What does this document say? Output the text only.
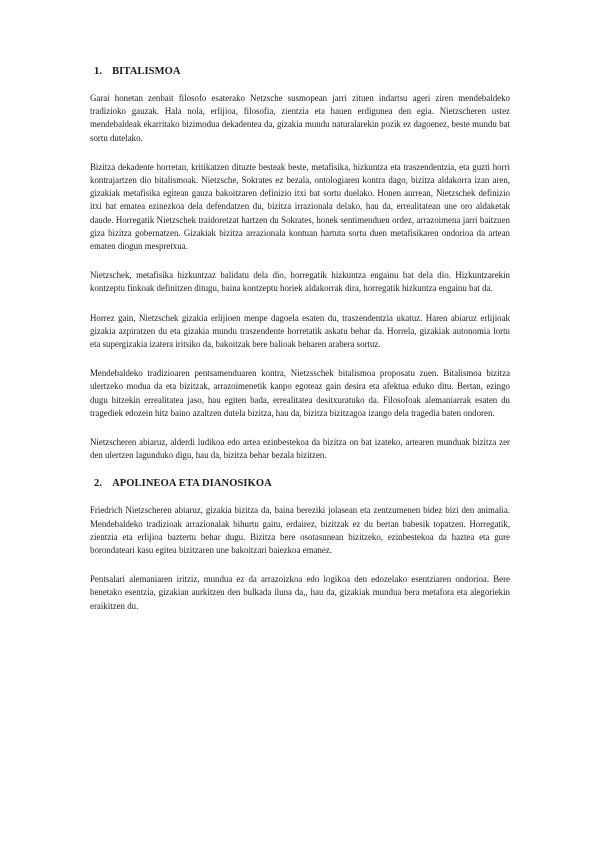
1. BITALISMOA

Garai honetan zenbait filosofo esaterako Netzsche susmopean jarri zituen indartsu ageri ziren mendebaldeko tradizioko gauzak. Hala nola, erlijioa, filosofia, zientzia eta hauen erdigunea den egia. Nietzscheren ustez mendebaldeak ekarritako bizimodua dekadentea da, gizakia mundu naturalarekin pozik ez dagoenez, beste mundu bat sortu dutelako.

Bizitza dekadente horretan, kritikatzen dituzte besteak beste, metafisika, hizkuntza eta traszendentzia, eta guzti horri kontrajartzen dio bitalismoak. Nietzsche, Sokrates ez bezala, ontologiaren kontra dago, bizitza aldakorra izan aren, gizakiak metafisika egitean gauza bakoitzaren definizio itxi bat sortu duelako. Honen aurrean, Nietzschek definizio itxi bat ematea ezinezkoa dela defendatzen du, bizitza irrazionala delako, hau da, errealitatean une oro aldaketak daude. Horregatik Nietzschek traidoretzat hartzen du Sokrates, honek sentimenduen ordez, arrazoimena jarri baitzuen giza bizitza gobernatzen. Gizakiak bizitza arrazionala kontuan hartuta sortu duen metafisikaren ondorioa da artean ematen diogun mespretxua.

Nietzschek, metafisika hizkuntzaz balidatu dela dio, horregatik hizkuntza engainu bat dela dio. Hizkuntzarekin kontzeptu finkoak definitzen ditugu, baina kontzeptu horiek aldakorrak dira, horregatik hizkuntza engainu bat da.

Horrez gain, Nietzschek gizakia erlijioen menpe dagoela esaten du, traszendentzia ukatuz. Haren abiaruz erlijioak gizakia azpiratzen du eta gizakia mundu traszendente horretatik askatu behar da. Horrela, gizakiak autonomia lortu eta supergizakia izatera iritsiko da, bakoitzak bere balioak beharen arabera sortuz.

Mendebaldeko tradizioaren pentsamenduaren kontra, Nietzsschek bitalismoa proposatu zuen. Bitalismoa bizitza ulertzeko modua da eta bizitzak, arrazoimenetik kanpo egoteaz gain desira eta afektua eduko ditu. Bertan, ezingo dugu hitzekin errealitatea jaso, hau egiten bada, errealitatea desitxuratuko da. Filosofoak alemaniarrak esaten du tragediek edozein hitz baino azaltzen dutela bizitza, hau da, bizitza bizitzagoa izango dela tragedia baten ondoren.

Nietzscheren abiaruz, alderdi ludikoa edo artea ezinbestekoa da bizitza on bat izateko, artearen munduak bizitza zer den ulertzen lagunduko digu, hau da, bizitza behar bezala bizitzen.

2. APOLINEOA ETA DIANOSIKOA

Friedrich Nietzscheren abiaruz, gizakia bizitza da, baina bereziki jolasean eta zentzumenen bidez bizi den animalia. Mendebaldeko tradizioak arrazionalak bihurtu gaitu, erdairez, bizitzak ez du bertan babesik topatzen. Horregatik, zientzia eta erlijioa baztertu behar dugu. Bizitza bere osotasunean bizitzeko, ezinbestekoa da haztea eta gure borondateari kasu egitea bizitzaren une bakoitzari baiezkoa emanez.

Pentsalari alemaniaren iritziz, mundua ez da arrazoizkoa edo logikoa den edozelako esentziaren ondorioa. Bere benetako esentzia, gizakian aurkitzen den bulkada iluna da,, hau da, gizakiak mundua bera metafora eta alegoriekin eraikitzen du.
